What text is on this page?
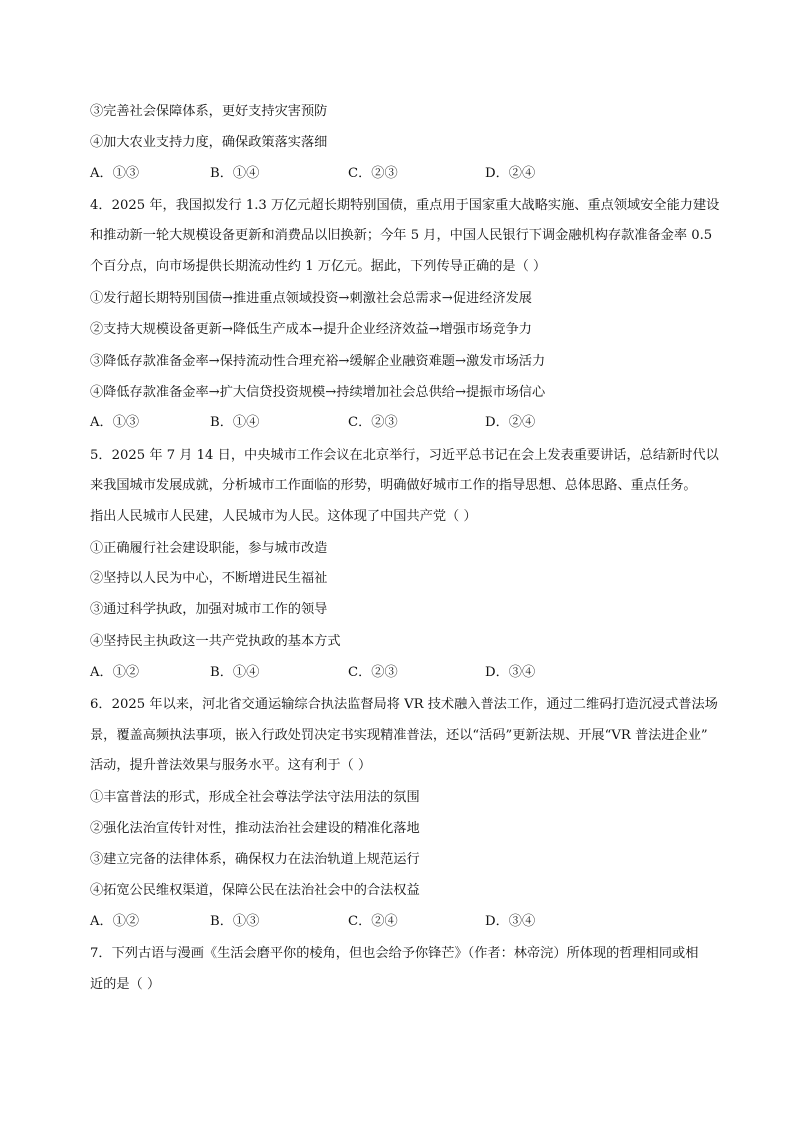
③完善社会保障体系，更好支持灾害预防
④加大农业支持力度，确保政策落实落细
A．①③	B．①④	C．②③	D．②④
4．2025 年，我国拟发行 1.3 万亿元超长期特别国债，重点用于国家重大战略实施、重点领域安全能力建设
和推动新一轮大规模设备更新和消费品以旧换新；今年 5 月，中国人民银行下调金融机构存款准备金率 0.5
个百分点，向市场提供长期流动性约 1 万亿元。据此，下列传导正确的是（ ）
①发行超长期特别国债→推进重点领域投资→刺激社会总需求→促进经济发展
②支持大规模设备更新→降低生产成本→提升企业经济效益→增强市场竞争力
③降低存款准备金率→保持流动性合理充裕→缓解企业融资难题→激发市场活力
④降低存款准备金率→扩大信贷投资规模→持续增加社会总供给→提振市场信心
A．①③	B．①④	C．②③	D．②④
5．2025 年 7 月 14 日，中央城市工作会议在北京举行，习近平总书记在会上发表重要讲话，总结新时代以
来我国城市发展成就，分析城市工作面临的形势，明确做好城市工作的指导思想、总体思路、重点任务。
指出人民城市人民建，人民城市为人民。这体现了中国共产党（ ）
①正确履行社会建设职能，参与城市改造
②坚持以人民为中心，不断增进民生福祉
③通过科学执政，加强对城市工作的领导
④坚持民主执政这一共产党执政的基本方式
A．①②	B．①④	C．②③	D．③④
6．2025 年以来，河北省交通运输综合执法监督局将 VR 技术融入普法工作，通过二维码打造沉浸式普法场
景，覆盖高频执法事项，嵌入行政处罚决定书实现精准普法，还以“活码”更新法规、开展“VR 普法进企业”
活动，提升普法效果与服务水平。这有利于（ ）
①丰富普法的形式，形成全社会尊法学法守法用法的氛围
②强化法治宣传针对性，推动法治社会建设的精准化落地
③建立完备的法律体系，确保权力在法治轨道上规范运行
④拓宽公民维权渠道，保障公民在法治社会中的合法权益
A．①②	B．①③	C．②④	D．③④
7．下列古语与漫画《生活会磨平你的棱角，但也会给予你锋芒》（作者：林帝浣）所体现的哲理相同或相
近的是（ ）
